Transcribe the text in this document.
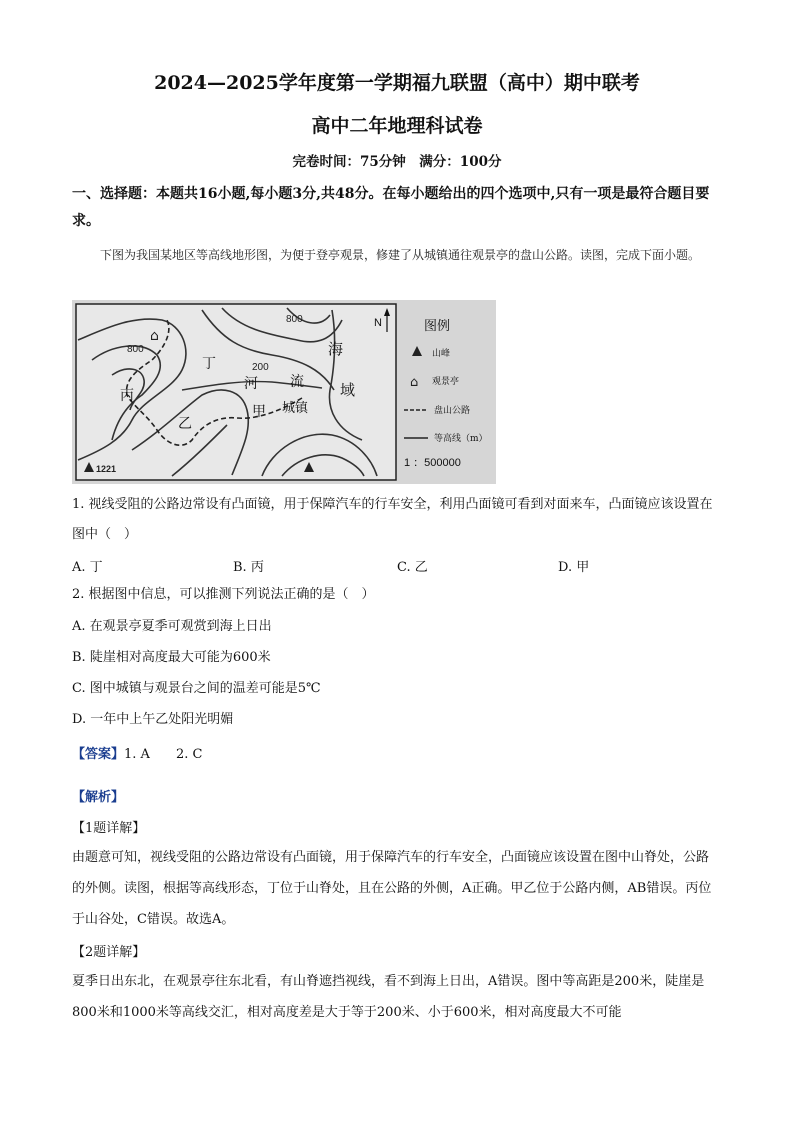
2024—2025学年度第一学期福九联盟（高中）期中联考
高中二年地理科试卷
完卷时间：75分钟　满分：100分
一、选择题：本题共16小题,每小题3分,共48分。在每小题给出的四个选项中,只有一项是最符合题目要求。
下图为我国某地区等高线地形图，为便于登亭观景，修建了从城镇通往观景亭的盘山公路。读图，完成下面小题。
⌂
800
800
200
1221
丁
丙
乙
甲
河 流
城镇
海
域
N	图例
山峰
⌂ 观景亭
盘山公路
等高线（m）
1 ：500000
1. 视线受阻的公路边常设有凸面镜，用于保障汽车的行车安全，利用凸面镜可看到对面来车，凸面镜应该设置在图中（　）
A. 丁	B. 丙	C. 乙	D. 甲
2. 根据图中信息，可以推测下列说法正确的是（　）
A. 在观景亭夏季可观赏到海上日出
B. 陡崖相对高度最大可能为600米
C. 图中城镇与观景台之间的温差可能是5℃
D. 一年中上午乙处阳光明媚
【答案】1. A　　2. C
【解析】
【1题详解】
由题意可知，视线受阻的公路边常设有凸面镜，用于保障汽车的行车安全，凸面镜应该设置在图中山脊处，公路的外侧。读图，根据等高线形态，丁位于山脊处，且在公路的外侧，A正确。甲乙位于公路内侧，AB错误。丙位于山谷处，C错误。故选A。
【2题详解】
夏季日出东北，在观景亭往东北看，有山脊遮挡视线，看不到海上日出，A错误。图中等高距是200米，陡崖是800米和1000米等高线交汇，相对高度差是大于等于200米、小于600米，相对高度最大不可能
